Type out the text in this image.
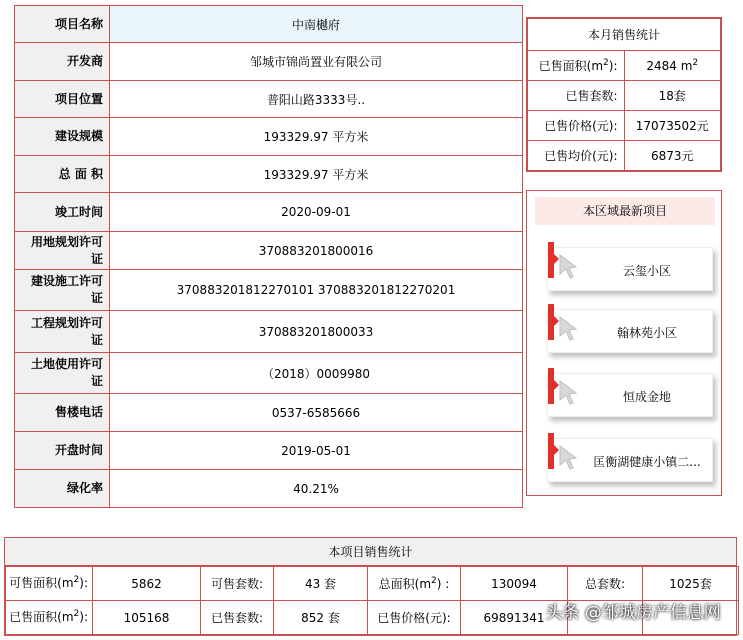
项目名称	中南樾府
开发商	邹城市锦尚置业有限公司
项目位置	普阳山路3333号..
建设规模	193329.97 平方米
总 面 积	193329.97 平方米
竣工时间	2020-09-01
用地规划许可证	370883201800016
建设施工许可证	370883201812270101 370883201812270201
工程规划许可证	370883201800033
土地使用许可证	（2018）0009980
售楼电话	0537-6585666
开盘时间	2019-05-01
绿化率	40.21%
本月销售统计	
已售面积$(m^2)$:	2484 $m^2$
已售套数:	18套
已售价格(元):	17073502元
已售均价(元):	6873元
本区域最新项目
云玺小区
翰林苑小区
恒成金地
匡衡湖健康小镇二...
本项目销售统计
可售面积$(m^2)$:	5862	可售套数:	43 套	总面积$(m^2)$ :	130094	总套数:	1025套
已售面积$(m^2)$:	105168	已售套数:	852 套	已售价格(元):	69891341		头条 @邹城房产信息网
